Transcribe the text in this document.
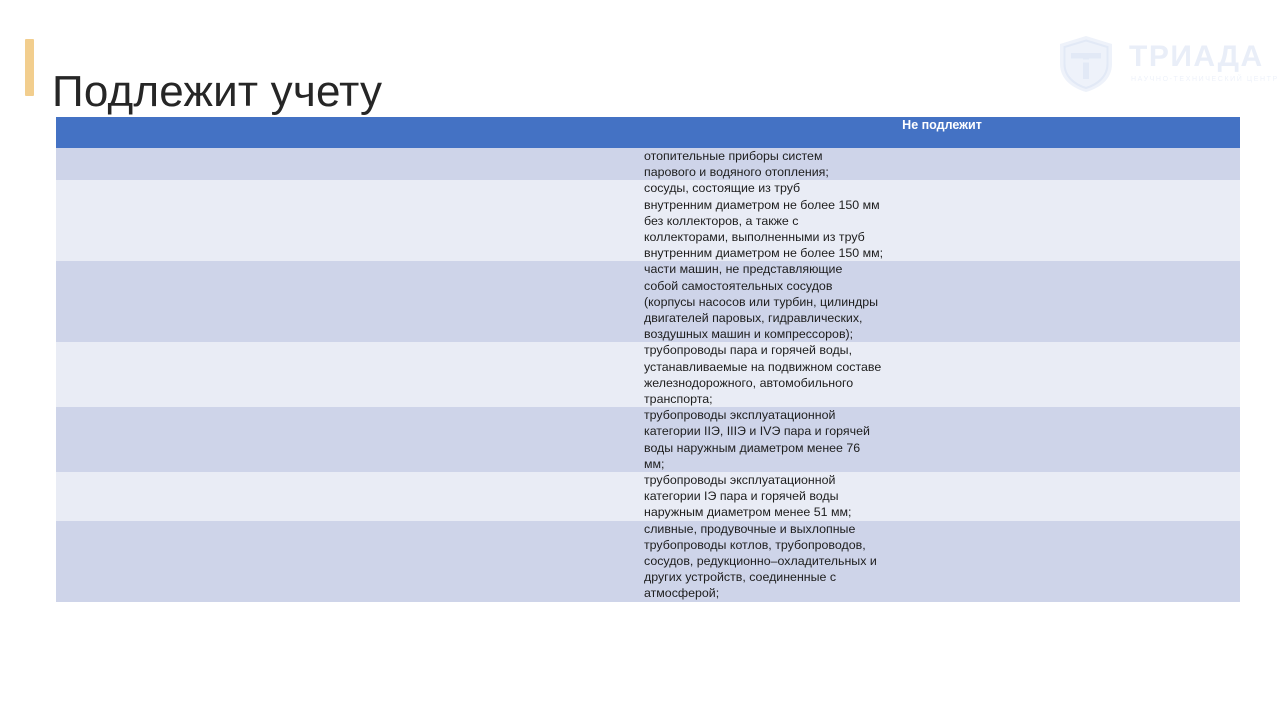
Подлежит учету
ТРИАДА
НАУЧНО-ТЕХНИЧЕСКИЙ ЦЕНТР
	Не подлежит

	отопительные приборы систем
парового и водяного отопления;

	сосуды, состоящие из труб
внутренним диаметром не более 150 мм
без коллекторов, а также с
коллекторами, выполненными из труб
внутренним диаметром не более 150 мм;

	части машин, не представляющие
собой самостоятельных сосудов
(корпусы насосов или турбин, цилиндры
двигателей паровых, гидравлических,
воздушных машин и компрессоров);

	трубопроводы пара и горячей воды,
устанавливаемые на подвижном составе
железнодорожного, автомобильного
транспорта;

	трубопроводы эксплуатационной
категории IIЭ, IIIЭ и IVЭ пара и горячей
воды наружным диаметром менее 76
мм;

	трубопроводы эксплуатационной
категории IЭ пара и горячей воды
наружным диаметром менее 51 мм;

	сливные, продувочные и выхлопные
трубопроводы котлов, трубопроводов,
сосудов, редукционно–охладительных и
других устройств, соединенные с
атмосферой;
